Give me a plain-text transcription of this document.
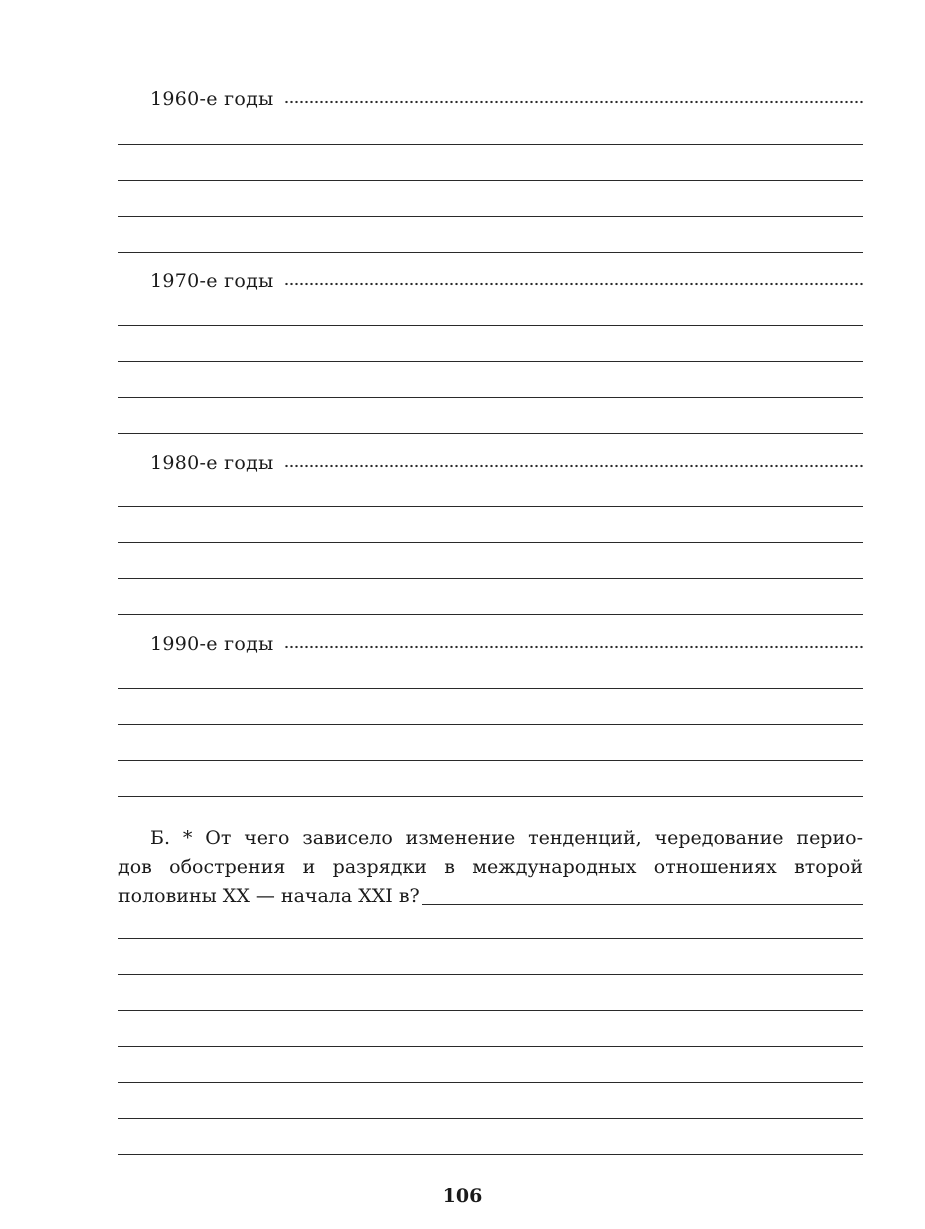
1960-е годы
1970-е годы
1980-е годы
1990-е годы
Б. * От чего зависело изменение тенденций, чередование перио-
дов обострения и разрядки в международных отношениях второй
половины XX — начала XXI в?
106
